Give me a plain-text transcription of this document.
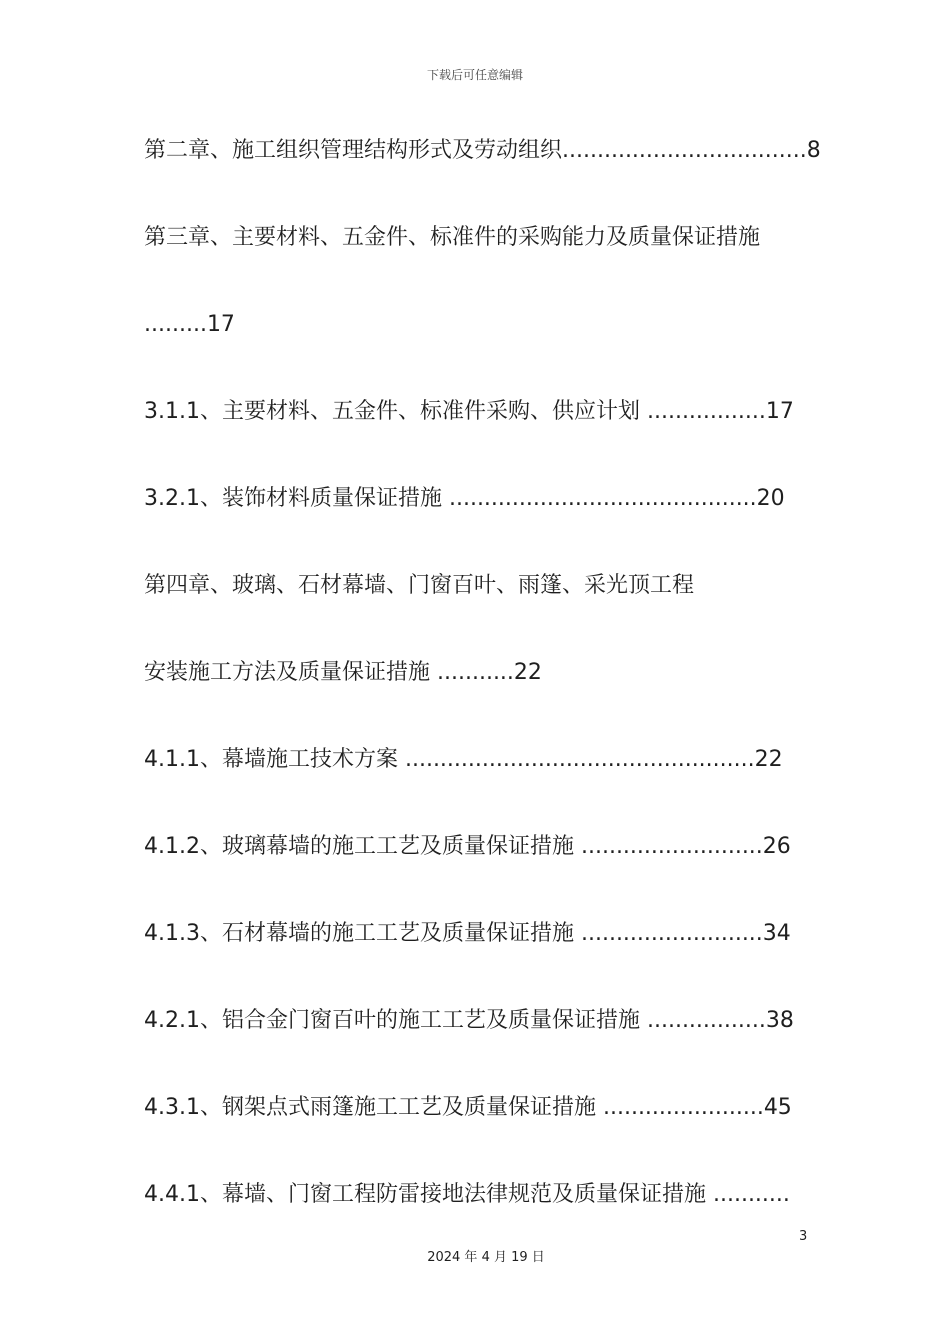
下载后可任意编辑
第二章、施工组织管理结构形式及劳动组织...................................8
第三章、主要材料、五金件、标准件的采购能力及质量保证措施
.........17
3.1.1、主要材料、五金件、标准件采购、供应计划 .................17
3.2.1、装饰材料质量保证措施 ............................................20
第四章、玻璃、石材幕墙、门窗百叶、雨篷、采光顶工程
安装施工方法及质量保证措施 ...........22
4.1.1、幕墙施工技术方案 ..................................................22
4.1.2、玻璃幕墙的施工工艺及质量保证措施 ..........................26
4.1.3、石材幕墙的施工工艺及质量保证措施 ..........................34
4.2.1、铝合金门窗百叶的施工工艺及质量保证措施 .................38
4.3.1、钢架点式雨篷施工工艺及质量保证措施 .......................45
4.4.1、幕墙、门窗工程防雷接地法律规范及质量保证措施 ...........
3
2024 年 4 月 19 日
